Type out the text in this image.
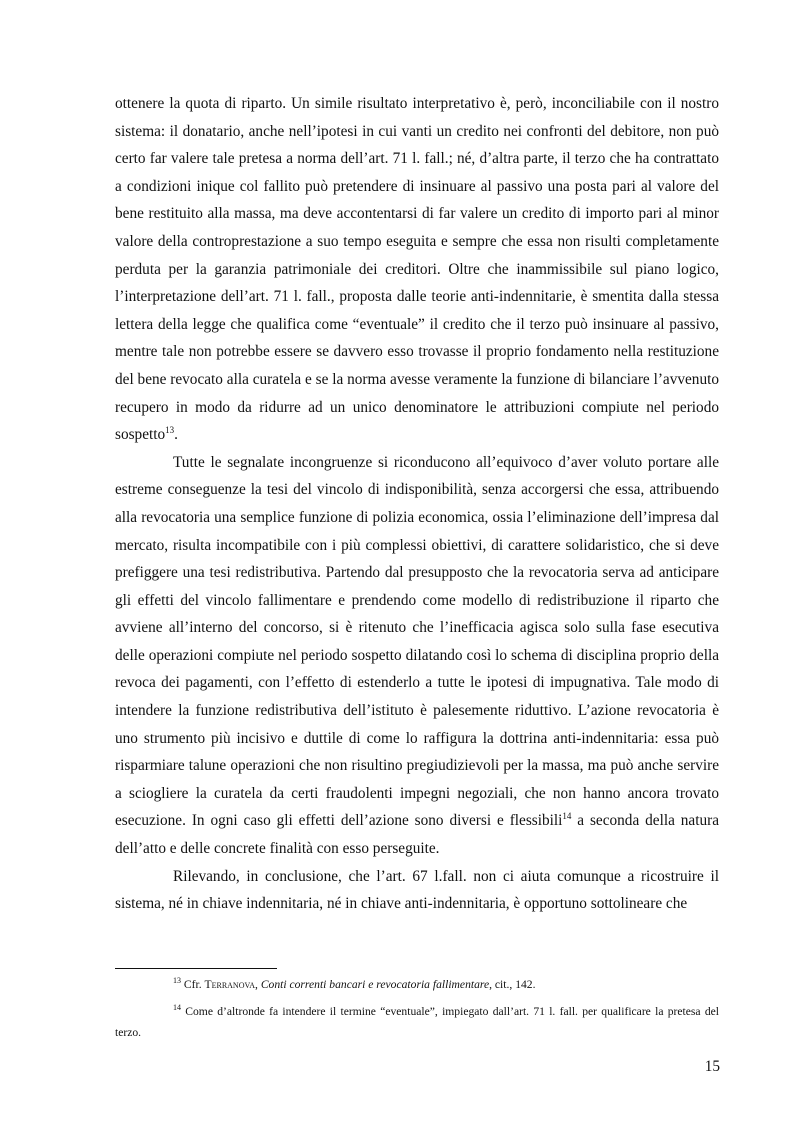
ottenere la quota di riparto. Un simile risultato interpretativo è, però, inconciliabile con il nostro sistema: il donatario, anche nell’ipotesi in cui vanti un credito nei confronti del debitore, non può certo far valere tale pretesa a norma dell’art. 71 l. fall.; né, d’altra parte, il terzo che ha contrattato a condizioni inique col fallito può pretendere di insinuare al passivo una posta pari al valore del bene restituito alla massa, ma deve accontentarsi di far valere un credito di importo pari al minor valore della controprestazione a suo tempo eseguita e sempre che essa non risulti completamente perduta per la garanzia patrimoniale dei creditori. Oltre che inammissibile sul piano logico, l’interpretazione dell’art. 71 l. fall., proposta dalle teorie anti-indennitarie, è smentita dalla stessa lettera della legge che qualifica come “eventuale” il credito che il terzo può insinuare al passivo, mentre tale non potrebbe essere se davvero esso trovasse il proprio fondamento nella restituzione del bene revocato alla curatela e se la norma avesse veramente la funzione di bilanciare l’avvenuto recupero in modo da ridurre ad un unico denominatore le attribuzioni compiute nel periodo sospetto$^{13}$.

Tutte le segnalate incongruenze si riconducono all’equivoco d’aver voluto portare alle estreme conseguenze la tesi del vincolo di indisponibilità, senza accorgersi che essa, attribuendo alla revocatoria una semplice funzione di polizia economica, ossia l’eliminazione dell’impresa dal mercato, risulta incompatibile con i più complessi obiettivi, di carattere solidaristico, che si deve prefiggere una tesi redistributiva. Partendo dal presupposto che la revocatoria serva ad anticipare gli effetti del vincolo fallimentare e prendendo come modello di redistribuzione il riparto che avviene all’interno del concorso, si è ritenuto che l’inefficacia agisca solo sulla fase esecutiva delle operazioni compiute nel periodo sospetto dilatando così lo schema di disciplina proprio della revoca dei pagamenti, con l’effetto di estenderlo a tutte le ipotesi di impugnativa. Tale modo di intendere la funzione redistributiva dell’istituto è palesemente riduttivo. L’azione revocatoria è uno strumento più incisivo e duttile di come lo raffigura la dottrina anti-indennitaria: essa può risparmiare talune operazioni che non risultino pregiudizievoli per la massa, ma può anche servire a sciogliere la curatela da certi fraudolenti impegni negoziali, che non hanno ancora trovato esecuzione. In ogni caso gli effetti dell’azione sono diversi e flessibili$^{14}$ a seconda della natura dell’atto e delle concrete finalità con esso perseguite.

Rilevando, in conclusione, che l’art. 67 l.fall. non ci aiuta comunque a ricostruire il sistema, né in chiave indennitaria, né in chiave anti-indennitaria, è opportuno sottolineare che

$^{13}$ Cfr. Terranova, Conti correnti bancari e revocatoria fallimentare, cit., 142.

$^{14}$ Come d’altronde fa intendere il termine “eventuale”, impiegato dall’art. 71 l. fall. per qualificare la pretesa del terzo.

15
